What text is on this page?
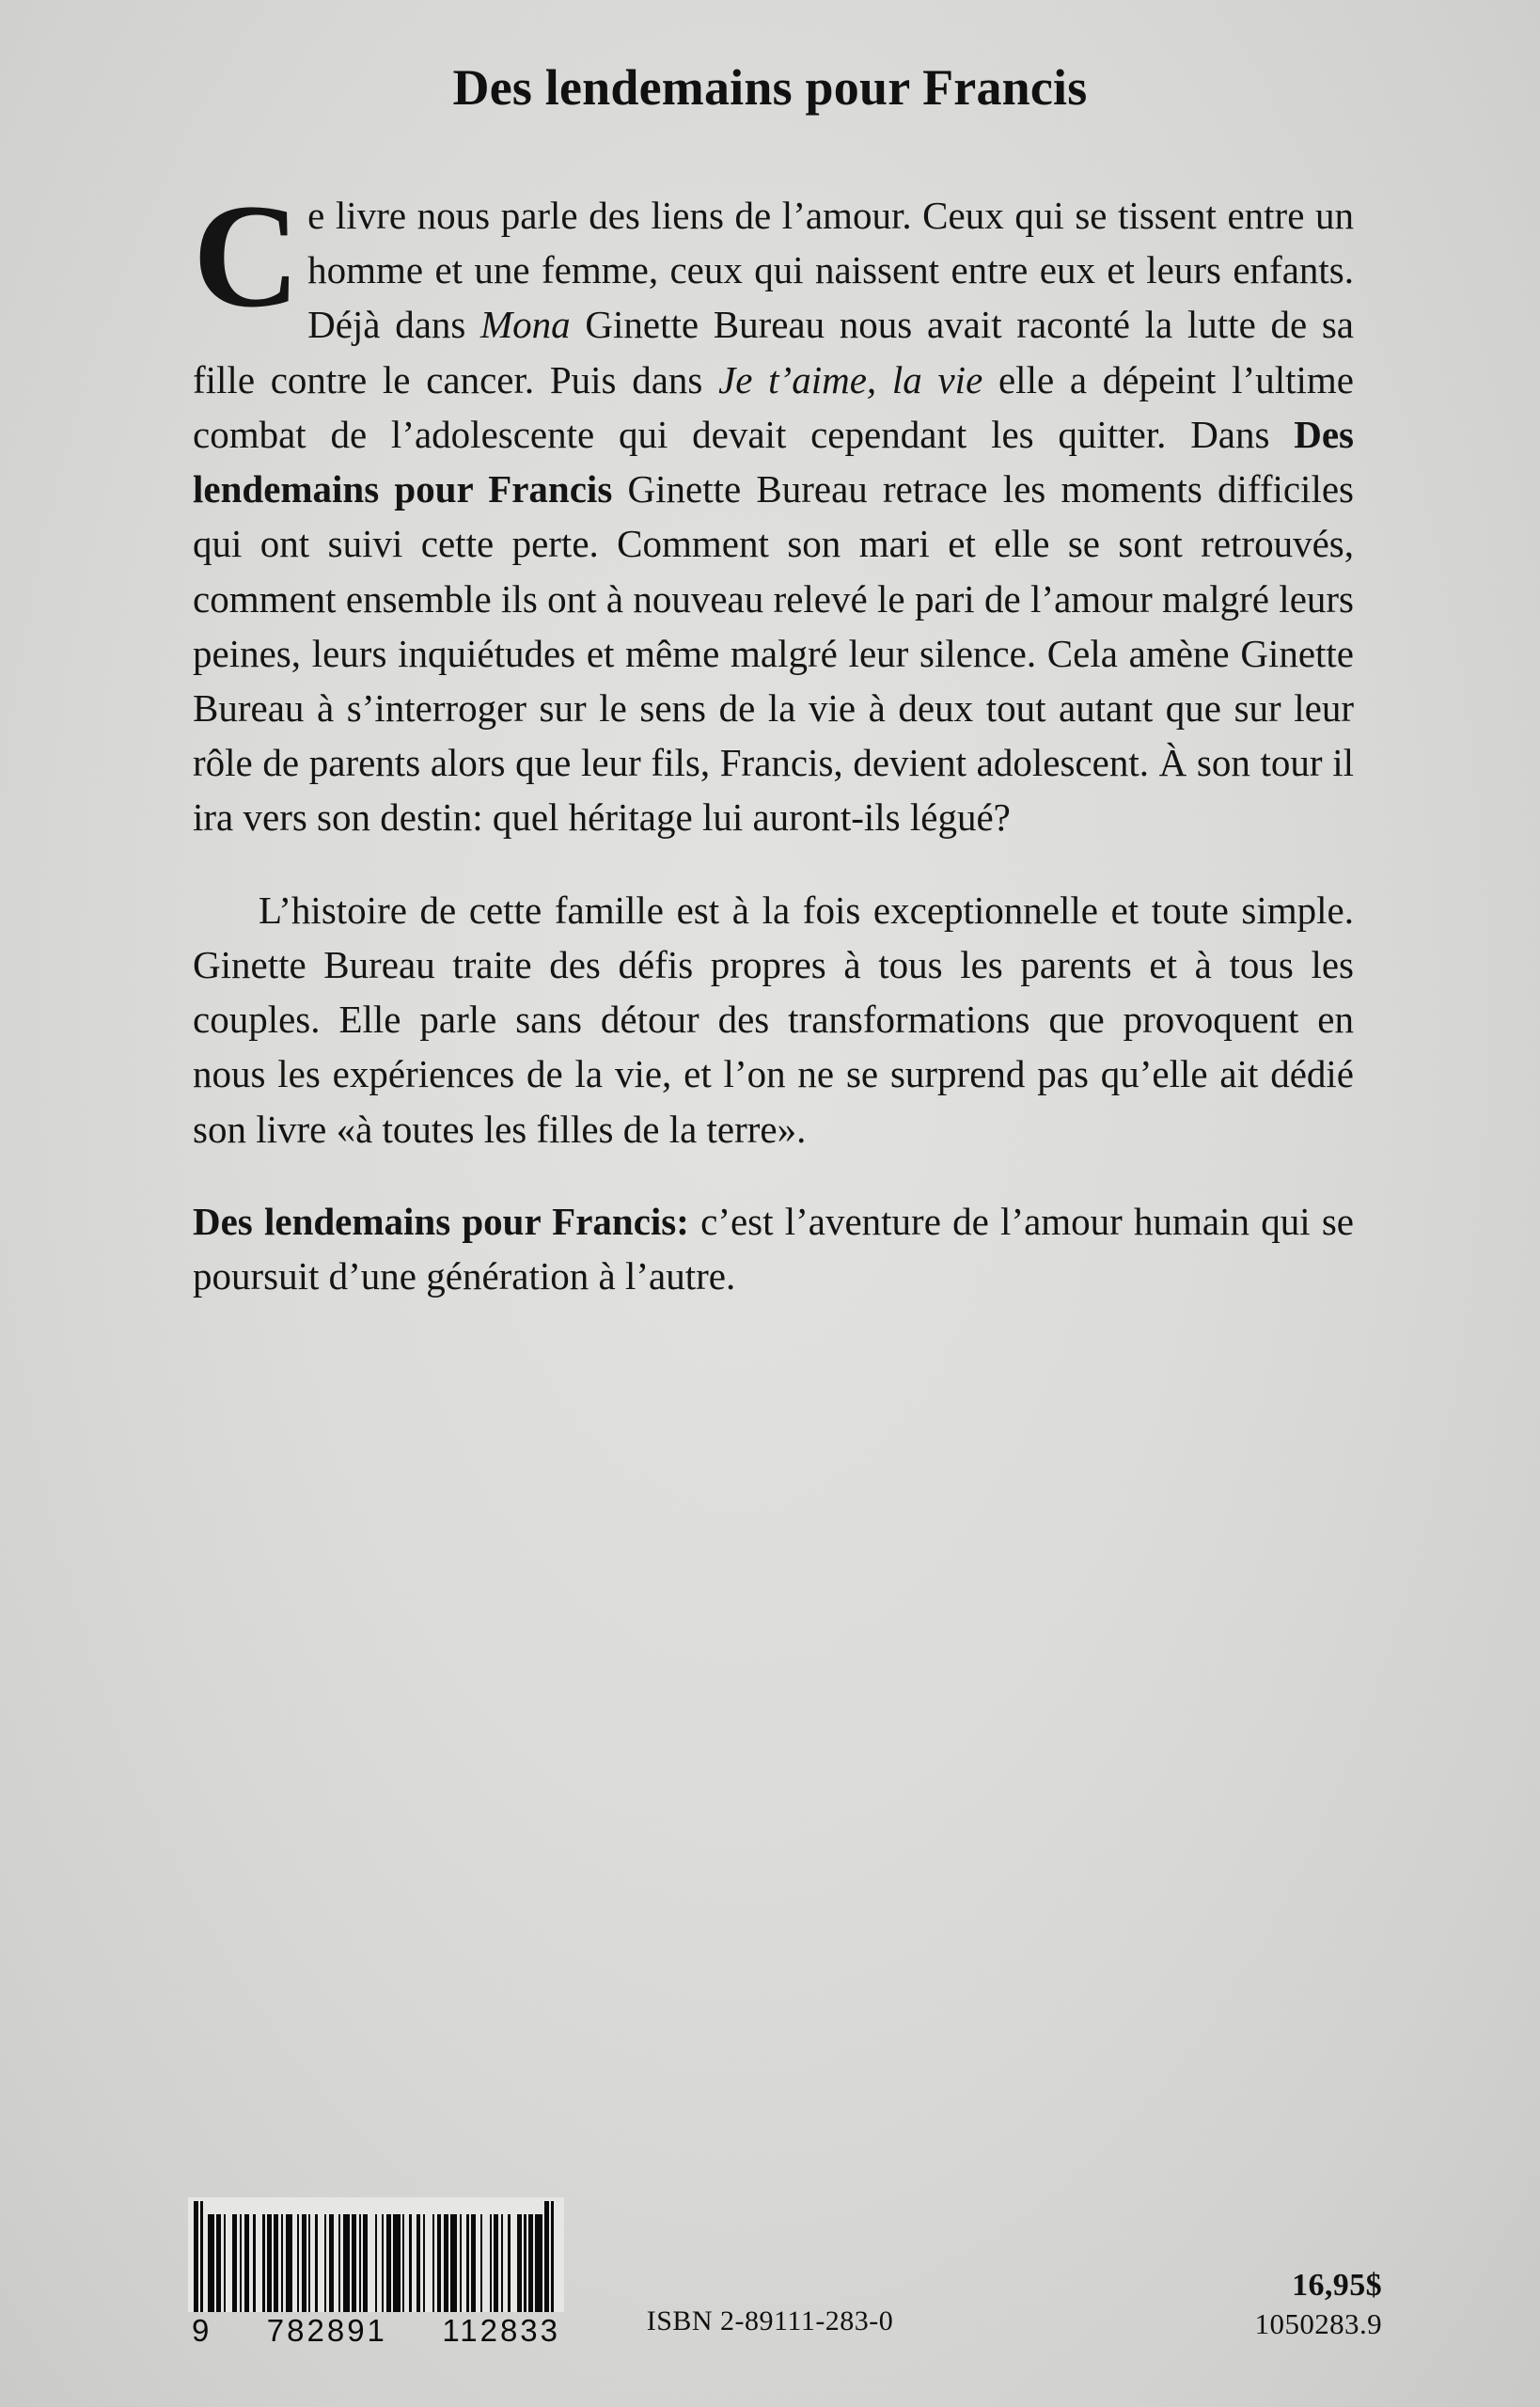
Des lendemains pour Francis

Ce livre nous parle des liens de l’amour. Ceux qui se tissent entre un homme et une femme, ceux qui naissent entre eux et leurs enfants. Déjà dans Mona Ginette Bureau nous avait raconté la lutte de sa fille contre le cancer. Puis dans Je t’aime, la vie elle a dépeint l’ultime combat de l’adolescente qui devait cependant les quitter. Dans Des lendemains pour Francis Ginette Bureau retrace les moments difficiles qui ont suivi cette perte. Comment son mari et elle se sont retrouvés, comment ensemble ils ont à nouveau relevé le pari de l’amour malgré leurs peines, leurs inquiétudes et même malgré leur silence. Cela amène Ginette Bureau à s’interroger sur le sens de la vie à deux tout autant que sur leur rôle de parents alors que leur fils, Francis, devient adolescent. À son tour il ira vers son destin: quel héritage lui auront-ils légué?

L’histoire de cette famille est à la fois exceptionnelle et toute simple. Ginette Bureau traite des défis propres à tous les parents et à tous les couples. Elle parle sans détour des transformations que provoquent en nous les expériences de la vie, et l’on ne se surprend pas qu’elle ait dédié son livre «à toutes les filles de la terre».

Des lendemains pour Francis: c’est l’aventure de l’amour humain qui se poursuit d’une génération à l’autre.

9 782891 112833	ISBN 2-89111-283-0
16,95$
1050283.9
